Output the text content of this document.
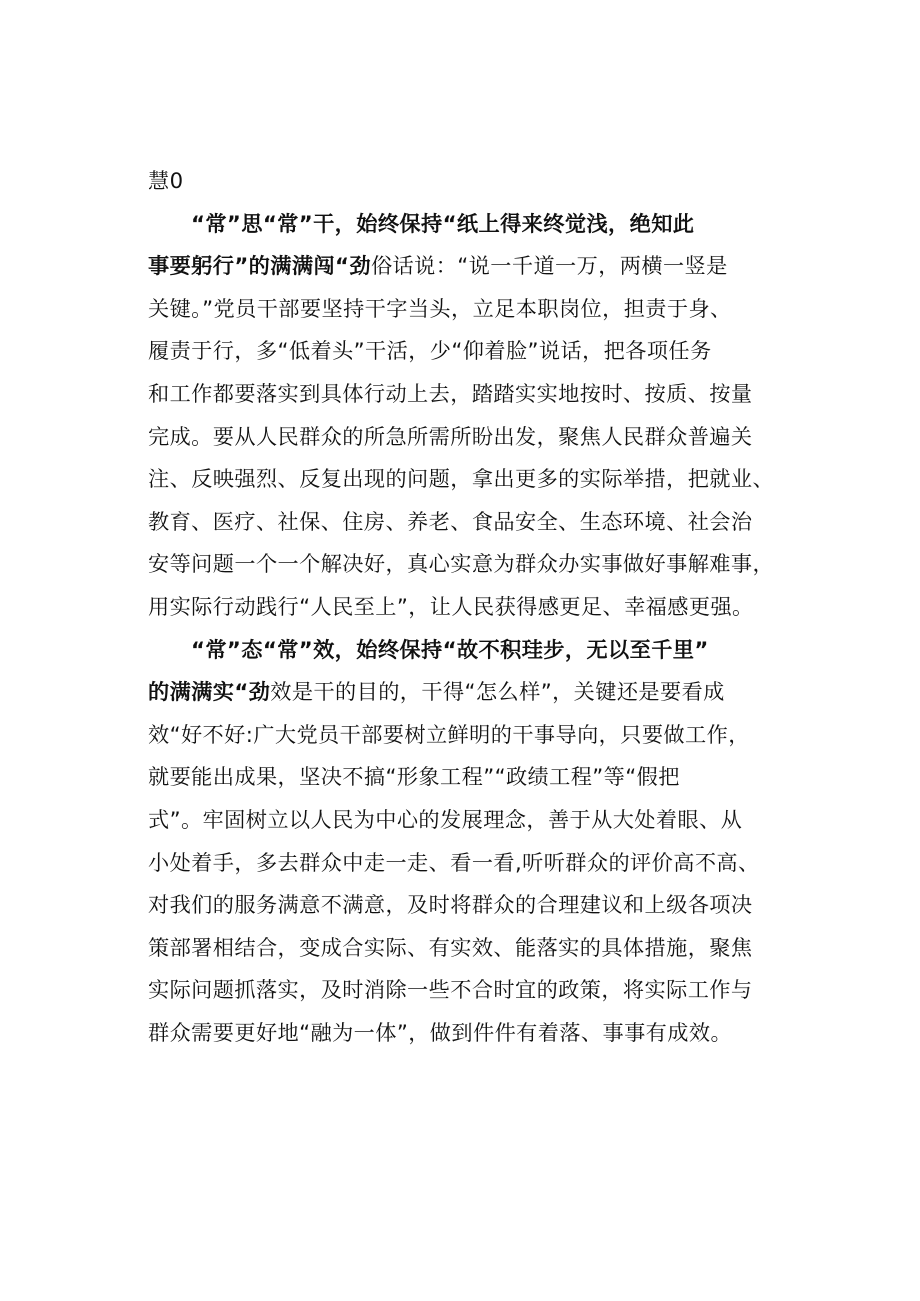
慧0
“常”思“常”干，始终保持“纸上得来终觉浅，绝知此
事要躬行”的满满闯“劲俗话说：“说一千道一万，两横一竖是
关键。”党员干部要坚持干字当头，立足本职岗位，担责于身、
履责于行，多“低着头”干活，少“仰着脸”说话，把各项任务
和工作都要落实到具体行动上去，踏踏实实地按时、按质、按量
完成。要从人民群众的所急所需所盼出发，聚焦人民群众普遍关
注、反映强烈、反复出现的问题，拿出更多的实际举措，把就业、
教育、医疗、社保、住房、养老、食品安全、生态环境、社会治
安等问题一个一个解决好，真心实意为群众办实事做好事解难事，
用实际行动践行“人民至上”，让人民获得感更足、幸福感更强。
“常”态“常”效，始终保持“故不积珪步，无以至千里”
的满满实“劲效是干的目的，干得“怎么样”，关键还是要看成
效“好不好:广大党员干部要树立鲜明的干事导向，只要做工作，
就要能出成果，坚决不搞“形象工程”“政绩工程”等“假把
式”。牢固树立以人民为中心的发展理念，善于从大处着眼、从
小处着手，多去群众中走一走、看一看,听听群众的评价高不高、
对我们的服务满意不满意，及时将群众的合理建议和上级各项决
策部署相结合，变成合实际、有实效、能落实的具体措施，聚焦
实际问题抓落实，及时消除一些不合时宜的政策，将实际工作与
群众需要更好地“融为一体”，做到件件有着落、事事有成效。
